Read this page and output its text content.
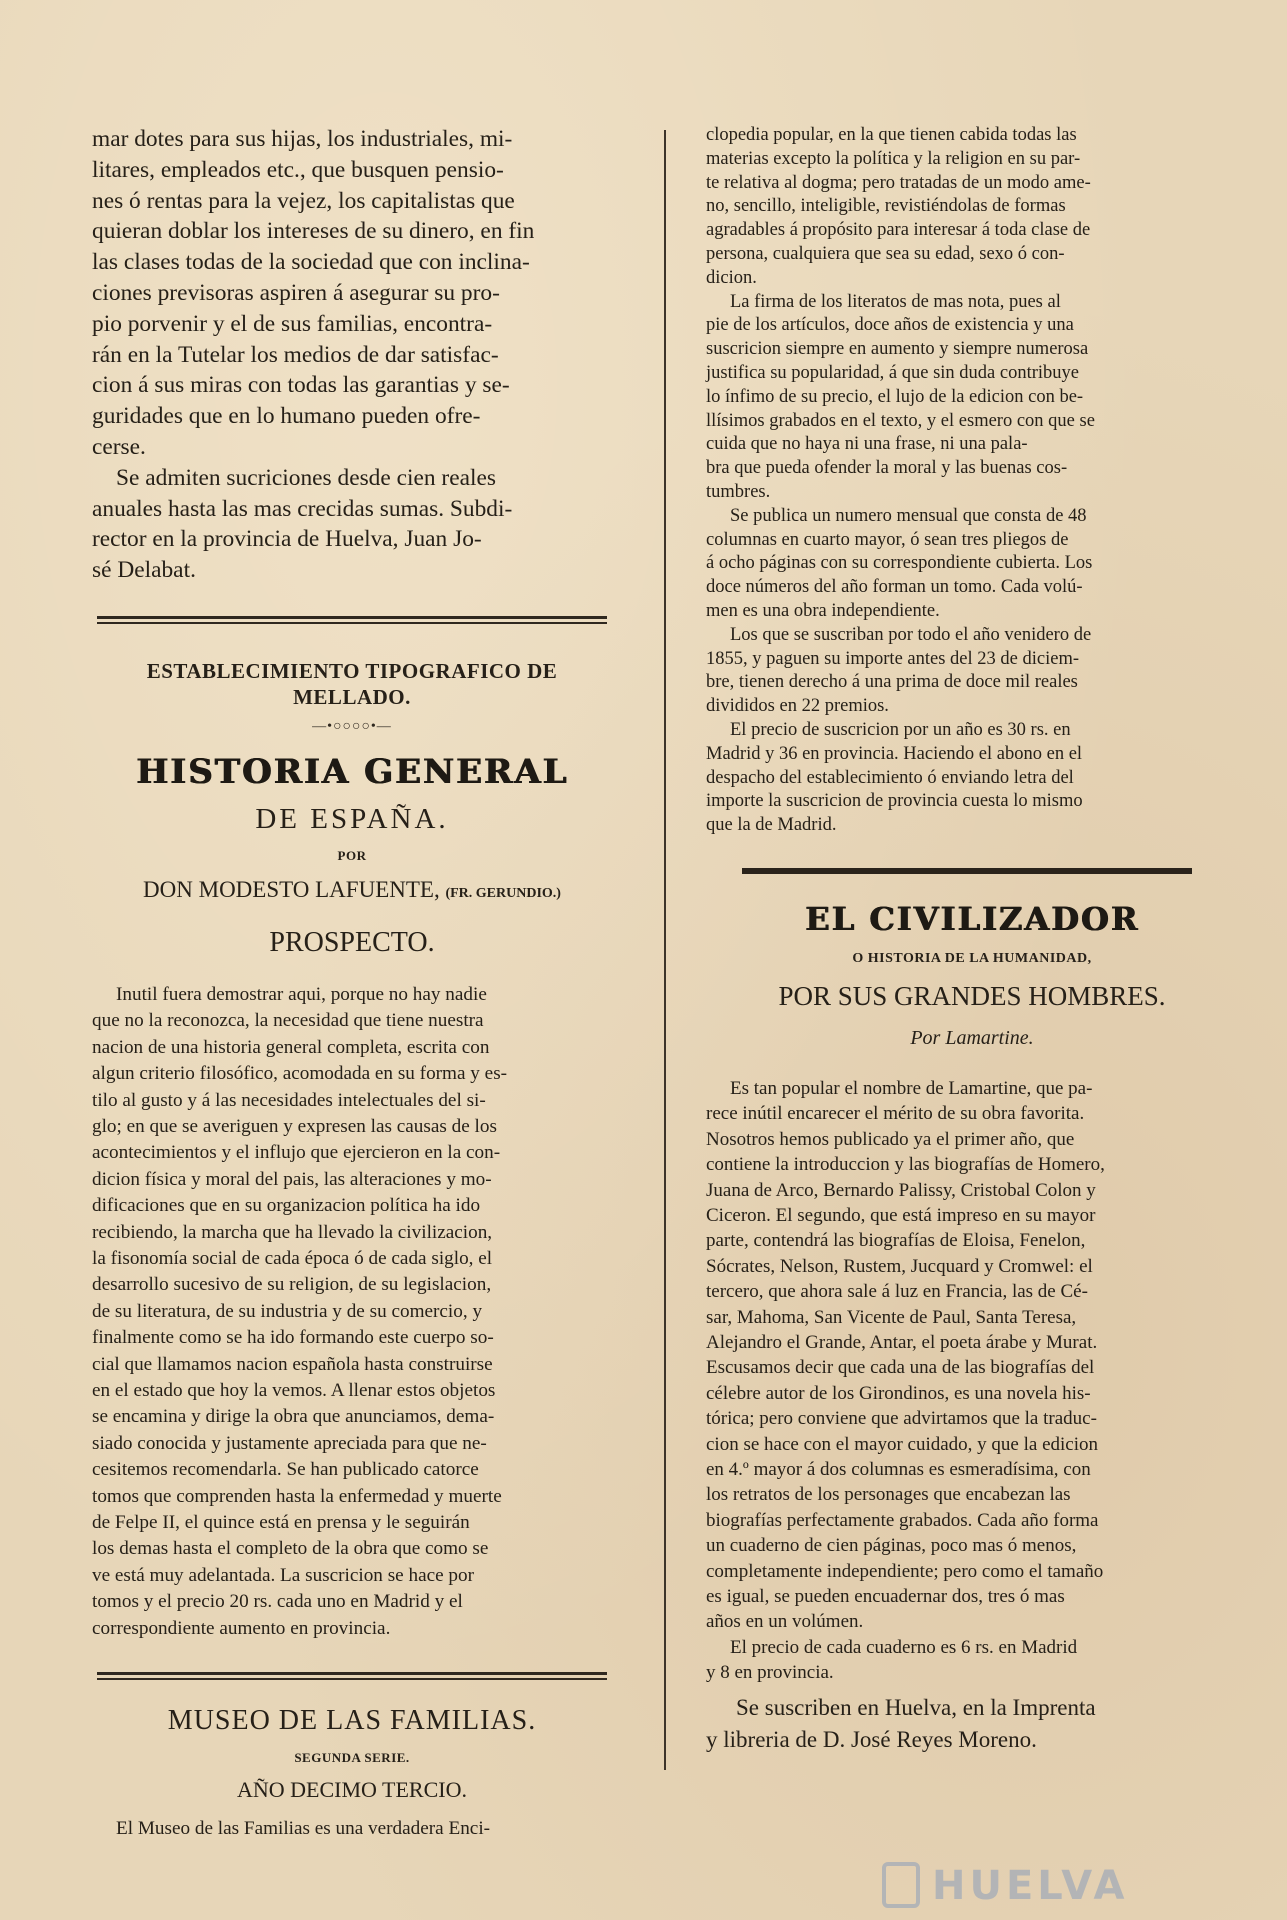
mar dotes para sus hijas, los industriales, mi-
litares, empleados etc., que busquen pensio-
nes ó rentas para la vejez, los capitalistas que
quieran doblar los intereses de su dinero, en fin
las clases todas de la sociedad que con inclina-
ciones previsoras aspiren á asegurar su pro-
pio porvenir y el de sus familias, encontra-
rán en la Tutelar los medios de dar satisfac-
cion á sus miras con todas las garantias y se-
guridades que en lo humano pueden ofre-
cerse.
Se admiten sucriciones desde cien reales
anuales hasta las mas crecidas sumas. Subdi-
rector en la provincia de Huelva, Juan Jo-
sé Delabat.
ESTABLECIMIENTO TIPOGRAFICO DE MELLADO.
—•○○○○•—
HISTORIA GENERAL
DE ESPAÑA.
POR
DON MODESTO LAFUENTE, (FR. GERUNDIO.)
PROSPECTO.
Inutil fuera demostrar aqui, porque no hay nadie
que no la reconozca, la necesidad que tiene nuestra
nacion de una historia general completa, escrita con
algun criterio filosófico, acomodada en su forma y es-
tilo al gusto y á las necesidades intelectuales del si-
glo; en que se averiguen y expresen las causas de los
acontecimientos y el influjo que ejercieron en la con-
dicion física y moral del pais, las alteraciones y mo-
dificaciones que en su organizacion política ha ido
recibiendo, la marcha que ha llevado la civilizacion,
la fisonomía social de cada época ó de cada siglo, el
desarrollo sucesivo de su religion, de su legislacion,
de su literatura, de su industria y de su comercio, y
finalmente como se ha ido formando este cuerpo so-
cial que llamamos nacion española hasta construirse
en el estado que hoy la vemos. A llenar estos objetos
se encamina y dirige la obra que anunciamos, dema-
siado conocida y justamente apreciada para que ne-
cesitemos recomendarla. Se han publicado catorce
tomos que comprenden hasta la enfermedad y muerte
de Felpe II, el quince está en prensa y le seguirán
los demas hasta el completo de la obra que como se
ve está muy adelantada. La suscricion se hace por
tomos y el precio 20 rs. cada uno en Madrid y el
correspondiente aumento en provincia.
MUSEO DE LAS FAMILIAS.
SEGUNDA SERIE.
AÑO DECIMO TERCIO.
El Museo de las Familias es una verdadera Enci-
clopedia popular, en la que tienen cabida todas las
materias excepto la política y la religion en su par-
te relativa al dogma; pero tratadas de un modo ame-
no, sencillo, inteligible, revistiéndolas de formas
agradables á propósito para interesar á toda clase de
persona, cualquiera que sea su edad, sexo ó con-
dicion.
La firma de los literatos de mas nota, pues al
pie de los artículos, doce años de existencia y una
suscricion siempre en aumento y siempre numerosa
justifica su popularidad, á que sin duda contribuye
lo ínfimo de su precio, el lujo de la edicion con be-
llísimos grabados en el texto, y el esmero con que se
cuida que no haya ni una frase, ni una pala-
bra que pueda ofender la moral y las buenas cos-
tumbres.
Se publica un numero mensual que consta de 48
columnas en cuarto mayor, ó sean tres pliegos de
á ocho páginas con su correspondiente cubierta. Los
doce números del año forman un tomo. Cada volú-
men es una obra independiente.
Los que se suscriban por todo el año venidero de
1855, y paguen su importe antes del 23 de diciem-
bre, tienen derecho á una prima de doce mil reales
divididos en 22 premios.
El precio de suscricion por un año es 30 rs. en
Madrid y 36 en provincia. Haciendo el abono en el
despacho del establecimiento ó enviando letra del
importe la suscricion de provincia cuesta lo mismo
que la de Madrid.
EL CIVILIZADOR
O HISTORIA DE LA HUMANIDAD,
POR SUS GRANDES HOMBRES.
Por Lamartine.
Es tan popular el nombre de Lamartine, que pa-
rece inútil encarecer el mérito de su obra favorita.
Nosotros hemos publicado ya el primer año, que
contiene la introduccion y las biografías de Homero,
Juana de Arco, Bernardo Palissy, Cristobal Colon y
Ciceron. El segundo, que está impreso en su mayor
parte, contendrá las biografías de Eloisa, Fenelon,
Sócrates, Nelson, Rustem, Jucquard y Cromwel: el
tercero, que ahora sale á luz en Francia, las de Cé-
sar, Mahoma, San Vicente de Paul, Santa Teresa,
Alejandro el Grande, Antar, el poeta árabe y Murat.
Escusamos decir que cada una de las biografías del
célebre autor de los Girondinos, es una novela his-
tórica; pero conviene que advirtamos que la traduc-
cion se hace con el mayor cuidado, y que la edicion
en 4.º mayor á dos columnas es esmeradísima, con
los retratos de los personages que encabezan las
biografías perfectamente grabados. Cada año forma
un cuaderno de cien páginas, poco mas ó menos,
completamente independiente; pero como el tamaño
es igual, se pueden encuadernar dos, tres ó mas
años en un volúmen.
El precio de cada cuaderno es 6 rs. en Madrid
y 8 en provincia.
Se suscriben en Huelva, en la Imprenta
y libreria de D. José Reyes Moreno.
HUELVA
